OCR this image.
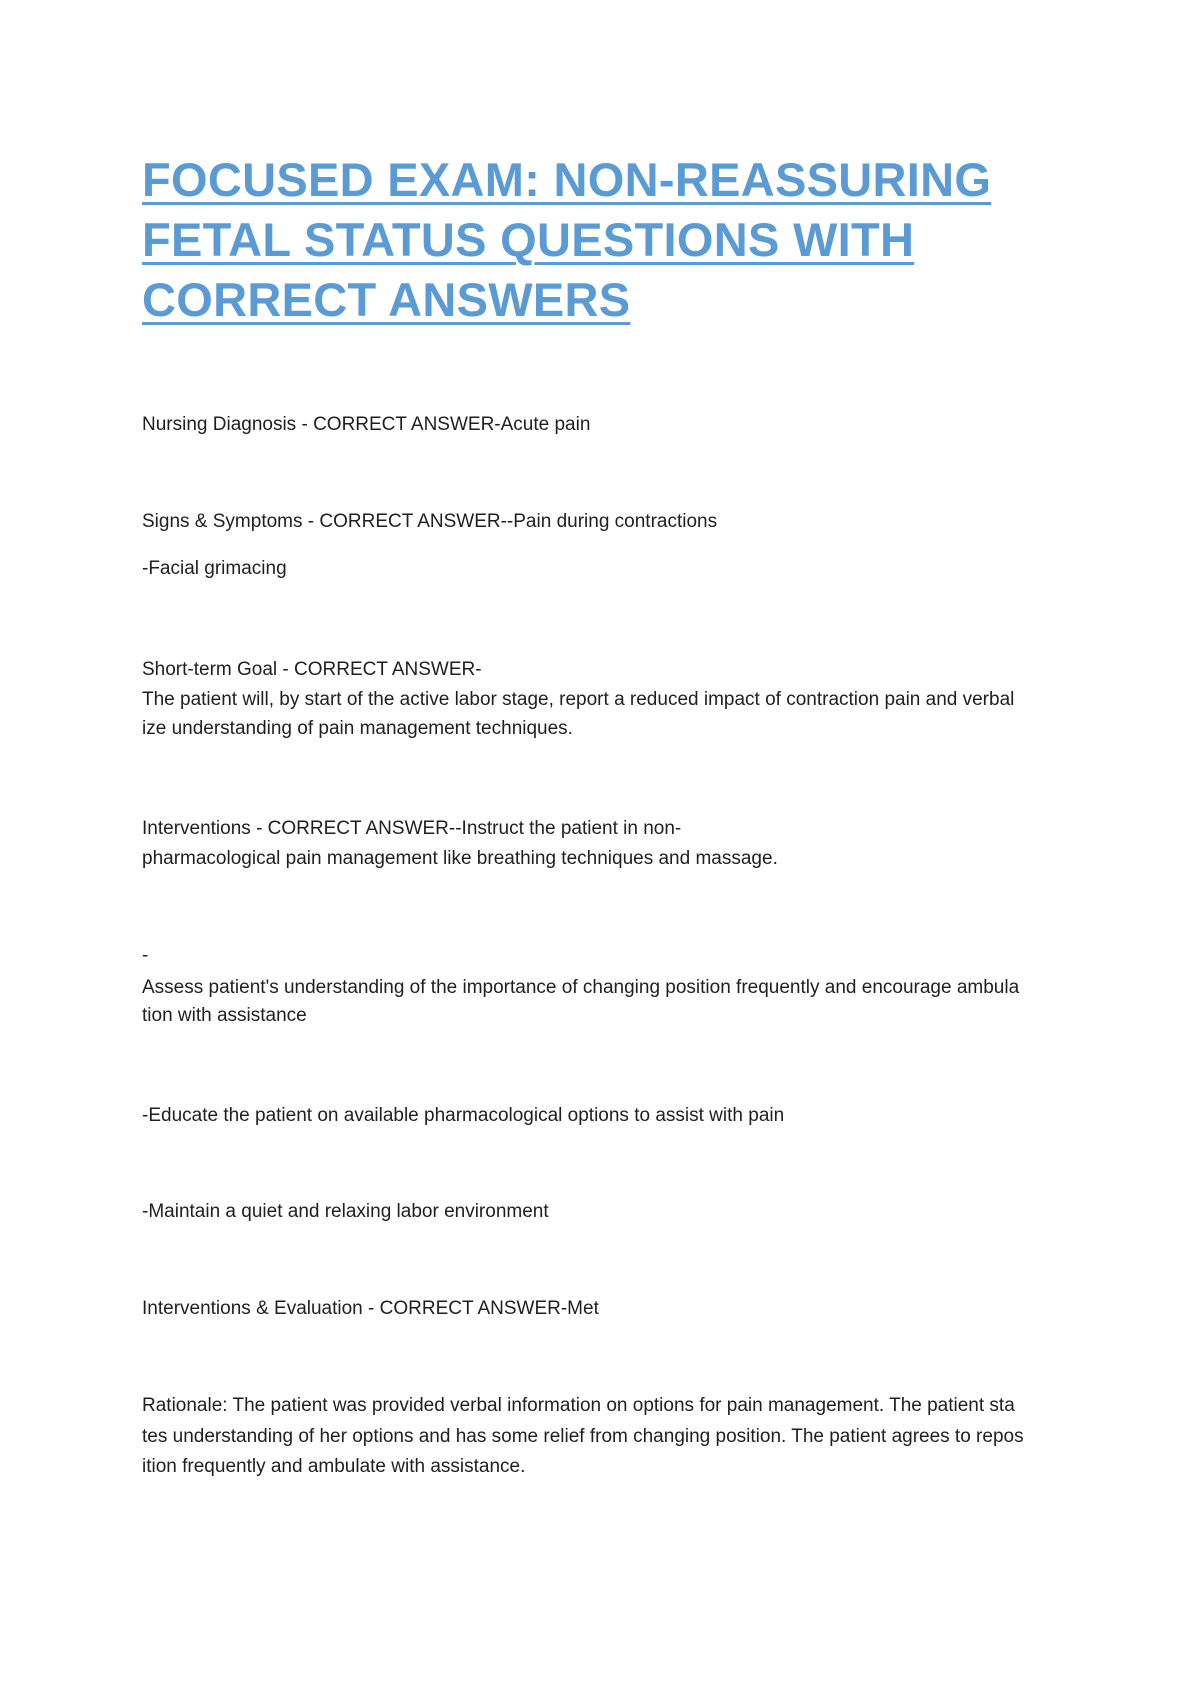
FOCUSED EXAM: NON-REASSURING
FETAL STATUS QUESTIONS WITH
CORRECT ANSWERS

Nursing Diagnosis - CORRECT ANSWER-Acute pain

Signs & Symptoms - CORRECT ANSWER--Pain during contractions

-Facial grimacing

Short-term Goal - CORRECT ANSWER-

The patient will, by start of the active labor stage, report a reduced impact of contraction pain and verbal

ize understanding of pain management techniques.

Interventions - CORRECT ANSWER--Instruct the patient in non-

pharmacological pain management like breathing techniques and massage.

-

Assess patient's understanding of the importance of changing position frequently and encourage ambula

tion with assistance

-Educate the patient on available pharmacological options to assist with pain

-Maintain a quiet and relaxing labor environment

Interventions & Evaluation - CORRECT ANSWER-Met

Rationale: The patient was provided verbal information on options for pain management. The patient sta

tes understanding of her options and has some relief from changing position. The patient agrees to repos

ition frequently and ambulate with assistance.
